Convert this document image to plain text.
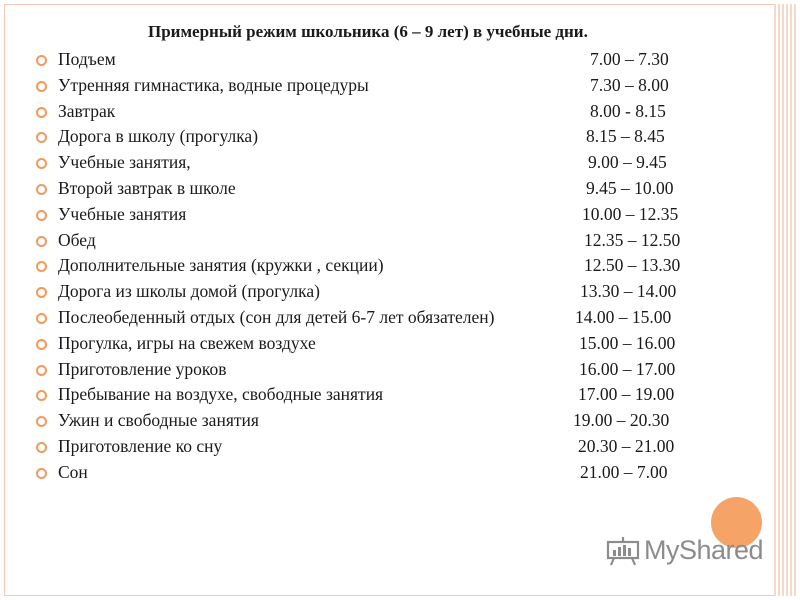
Примерный режим школьника (6 – 9 лет) в учебные дни.
Подъем	7.00 – 7.30
Утренняя гимнастика, водные процедуры	7.30 – 8.00
Завтрак	8.00 - 8.15
Дорога в школу (прогулка)	8.15 – 8.45
Учебные занятия,	9.00 – 9.45
Второй завтрак в школе	9.45 – 10.00
Учебные занятия	10.00 – 12.35
Обед	12.35 – 12.50
Дополнительные занятия (кружки , секции)	12.50 – 13.30
Дорога из школы домой (прогулка)	13.30 – 14.00
Послеобеденный отдых (сон для детей 6-7 лет обязателен)	14.00 – 15.00
Прогулка, игры на свежем воздухе	15.00 – 16.00
Приготовление уроков	16.00 – 17.00
Пребывание на воздухе, свободные занятия	17.00 – 19.00
Ужин и свободные занятия	19.00 – 20.30
Приготовление ко сну	20.30 – 21.00
Сон	21.00 – 7.00
MyShared
